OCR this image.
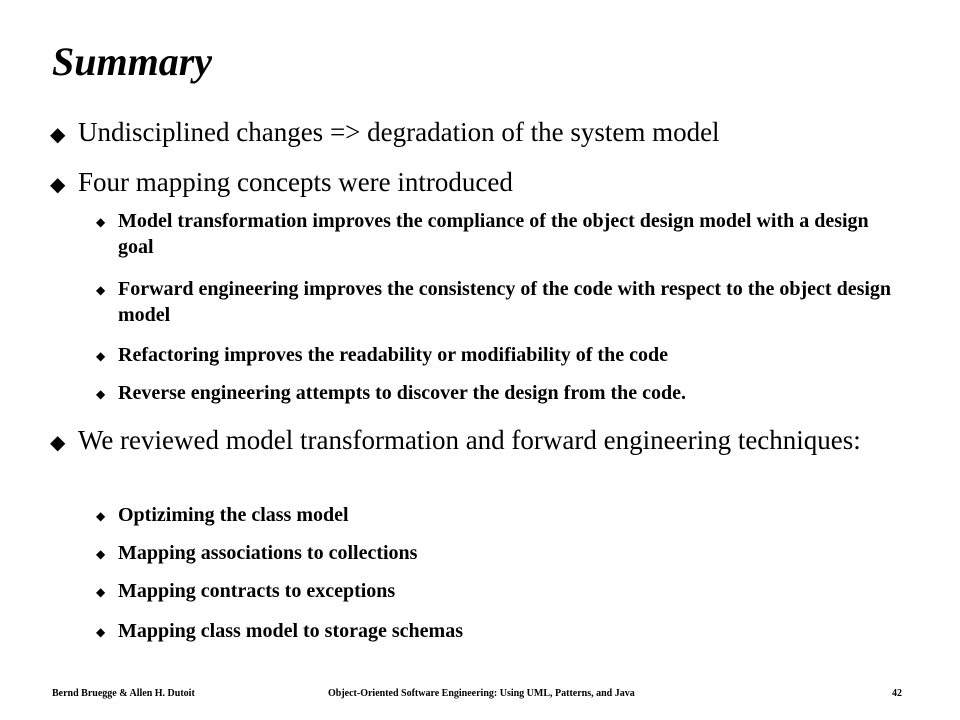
Summary
◆ Undisciplined changes => degradation of the system model
◆ Four mapping concepts were introduced
◆ Model transformation improves the compliance of the object design model with a design goal
◆ Forward engineering improves the consistency of the code with respect to the object design model
◆ Refactoring improves the readability or modifiability of the code
◆ Reverse engineering attempts to discover the design from the code.
◆ We reviewed model transformation and forward engineering techniques:
◆ Optiziming the class model
◆ Mapping associations to collections
◆ Mapping contracts to exceptions
◆ Mapping class model to storage schemas
Bernd Bruegge & Allen H. Dutoit	Object-Oriented Software Engineering: Using UML, Patterns, and Java	42
